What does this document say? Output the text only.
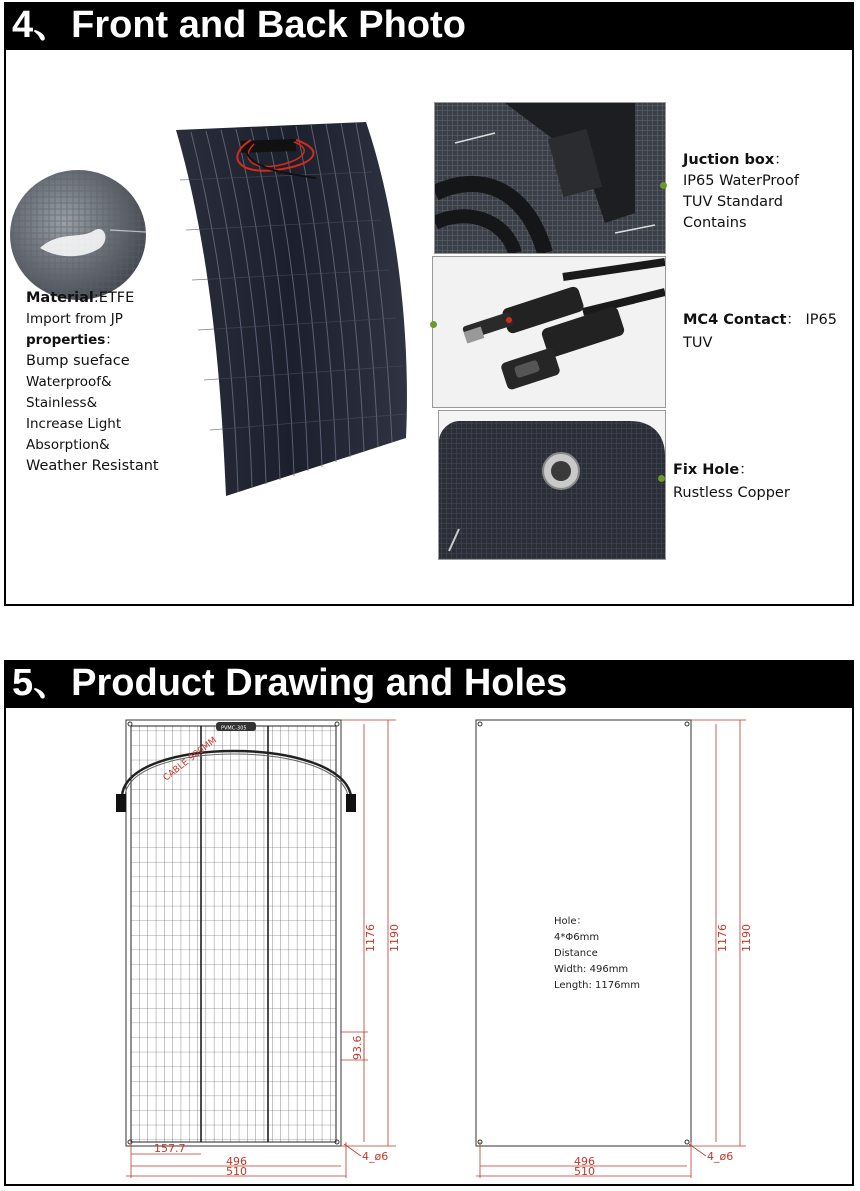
4、Front and Back Photo
Material:ETFE
Import from JP
properties：
Bump sueface
Waterproof&
Stainless&
Increase Light
Absorption&
Weather Resistant
Juction box：
IP65 WaterProof
TUV Standard
Contains
MC4 Contact： IP65
TUV
Fix Hole：
Rustless Copper
5、Product Drawing and Holes
PVMC-305
CABLE 900MM
1176 1190
93.6
157.7
496
510
4_ø6
1176 1190
496
510
4_ø6
Hole：
4*Φ6mm
Distance
Width: 496mm
Length: 1176mm
